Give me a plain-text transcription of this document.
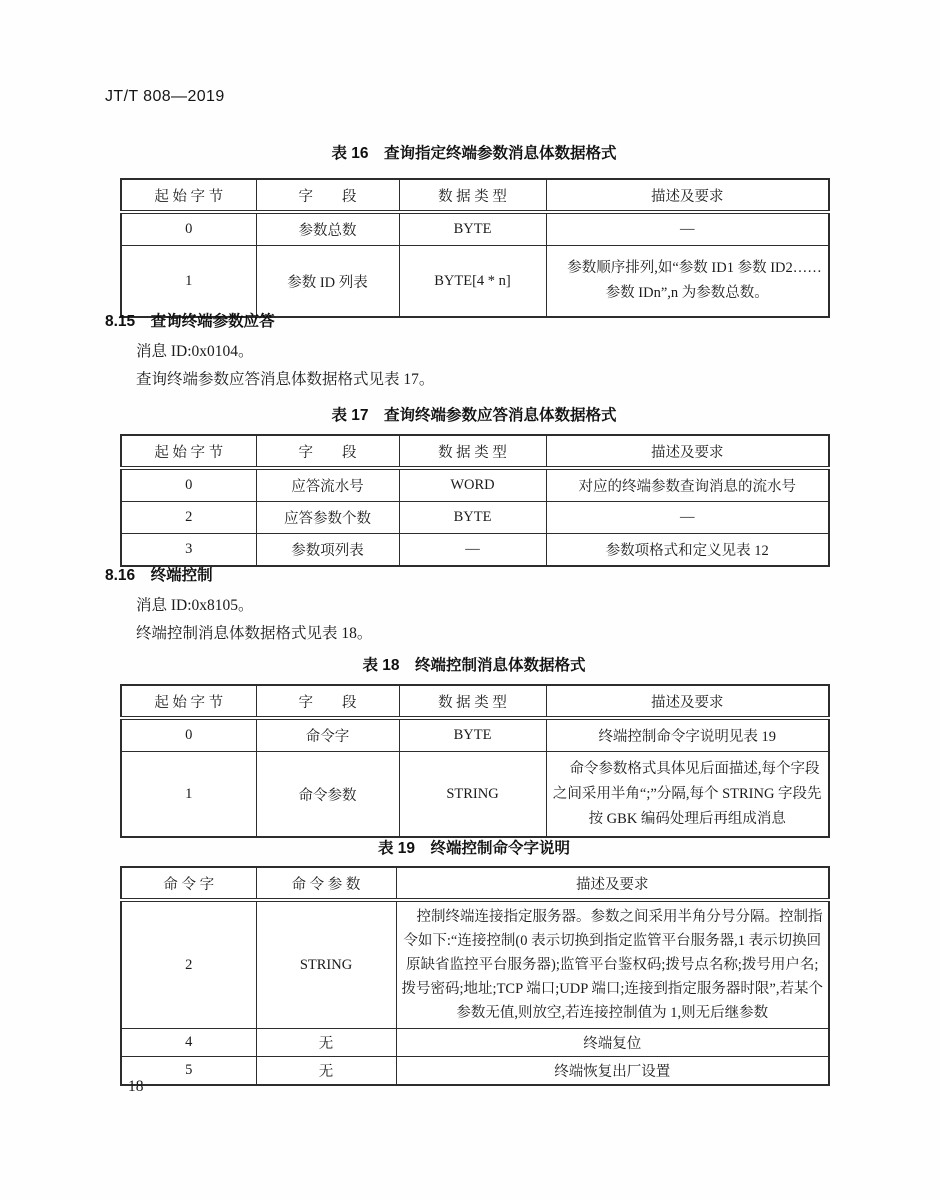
JT/T 808—2019
表 16　查询指定终端参数消息体数据格式
起 始 字 节	字　　段	数 据 类 型	描述及要求
0	参数总数	BYTE	—
1	参数 ID 列表	BYTE[4 * n]	参数顺序排列,如“参数 ID1 参数 ID2……参数 IDn”,n 为参数总数。
8.15　查询终端参数应答
消息 ID:0x0104。
查询终端参数应答消息体数据格式见表 17。
表 17　查询终端参数应答消息体数据格式
起 始 字 节	字　　段	数 据 类 型	描述及要求
0	应答流水号	WORD	对应的终端参数查询消息的流水号
2	应答参数个数	BYTE	—
3	参数项列表	—	参数项格式和定义见表 12
8.16　终端控制
消息 ID:0x8105。
终端控制消息体数据格式见表 18。
表 18　终端控制消息体数据格式
起 始 字 节	字　　段	数 据 类 型	描述及要求
0	命令字	BYTE	终端控制命令字说明见表 19
1	命令参数	STRING	命令参数格式具体见后面描述,每个字段之间采用半角“;”分隔,每个 STRING 字段先按 GBK 编码处理后再组成消息
表 19　终端控制命令字说明
命 令 字	命 令 参 数	描述及要求
2	STRING	控制终端连接指定服务器。参数之间采用半角分号分隔。控制指令如下:“连接控制(0 表示切换到指定监管平台服务器,1 表示切换回原缺省监控平台服务器);监管平台鉴权码;拨号点名称;拨号用户名;拨号密码;地址;TCP 端口;UDP 端口;连接到指定服务器时限”,若某个参数无值,则放空,若连接控制值为 1,则无后继参数
4	无	终端复位
5	无	终端恢复出厂设置
18
